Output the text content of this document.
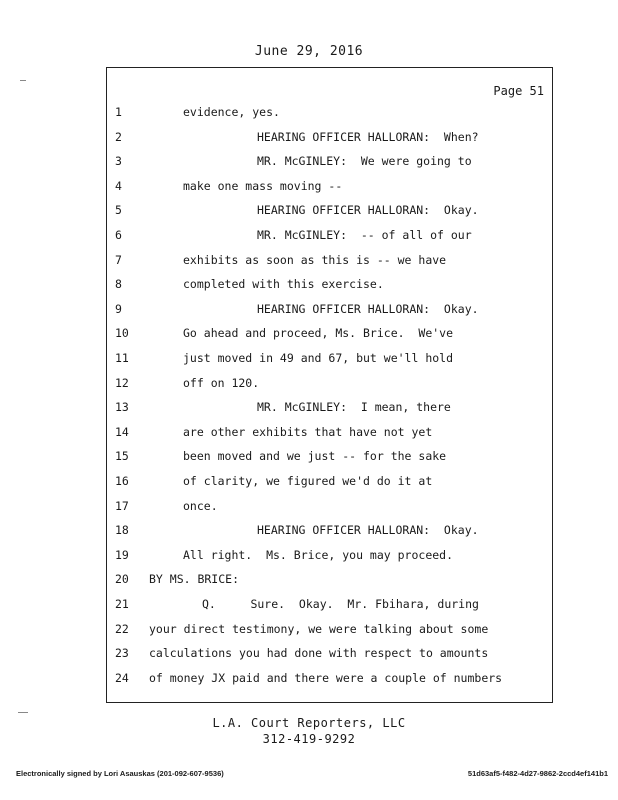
June 29, 2016
Page 51
1	evidence, yes.
2	HEARING OFFICER HALLORAN:  When?
3	MR. McGINLEY:  We were going to
4	make one mass moving --
5	HEARING OFFICER HALLORAN:  Okay.
6	MR. McGINLEY:  -- of all of our
7	exhibits as soon as this is -- we have
8	completed with this exercise.
9	HEARING OFFICER HALLORAN:  Okay.
10	Go ahead and proceed, Ms. Brice.  We've
11	just moved in 49 and 67, but we'll hold
12	off on 120.
13	MR. McGINLEY:  I mean, there
14	are other exhibits that have not yet
15	been moved and we just -- for the sake
16	of clarity, we figured we'd do it at
17	once.
18	HEARING OFFICER HALLORAN:  Okay.
19	All right.  Ms. Brice, you may proceed.
20	BY MS. BRICE:
21	Q.     Sure.  Okay.  Mr. Fbihara, during
22	your direct testimony, we were talking about some
23	calculations you had done with respect to amounts
24	of money JX paid and there were a couple of numbers
L.A. Court Reporters, LLC
312-419-9292
Electronically signed by Lori Asauskas (201-092-607-9536)	51d63af5-f482-4d27-9862-2ccd4ef141b1
